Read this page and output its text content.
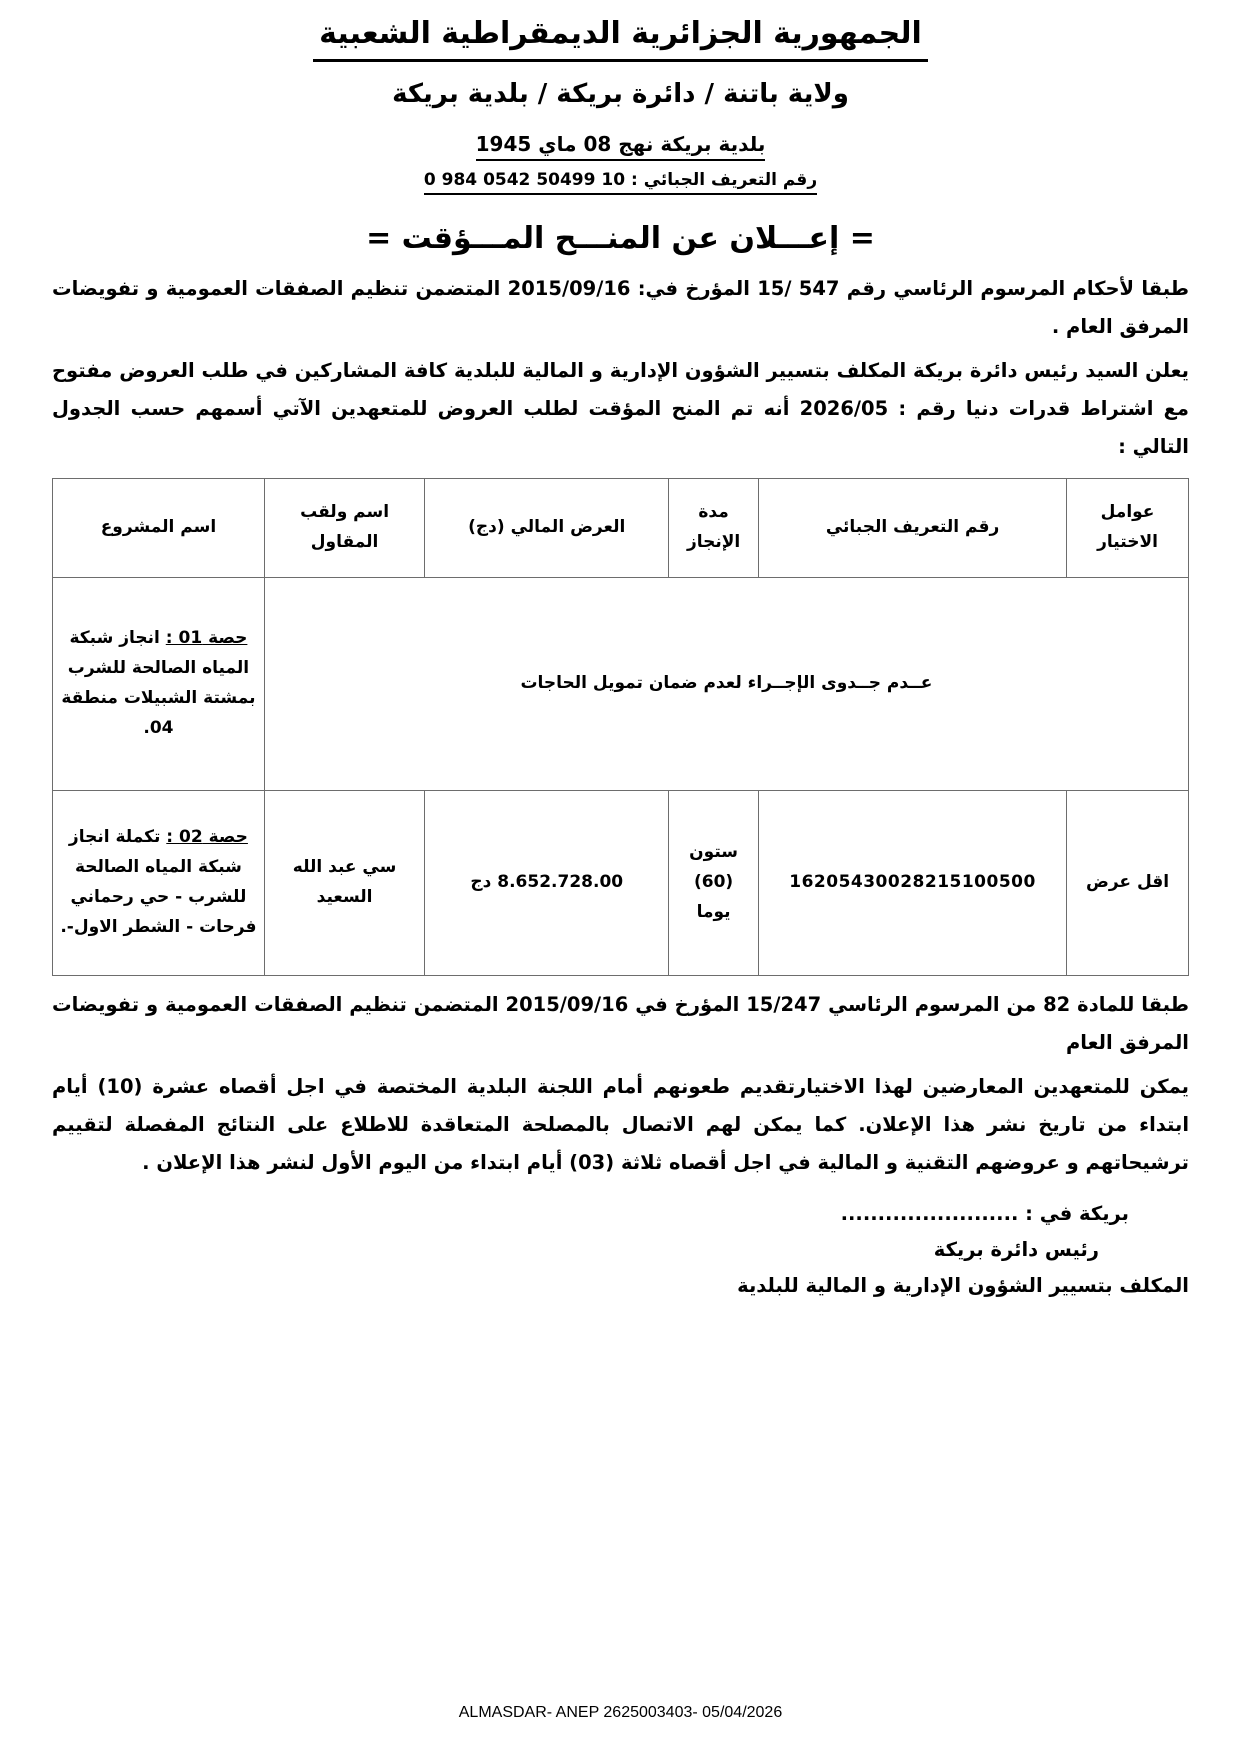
الجمهورية الجزائرية الديمقراطية الشعبية
ولاية باتنة / دائرة بريكة / بلدية بريكة
بلدية بريكة نهج 08 ماي 1945
رقم التعريف الجبائي : 10 50499 0542 984 0
= إعـــلان عن المنـــح المـــؤقت =

طبقا لأحكام المرسوم الرئاسي رقم 547 /15 المؤرخ في: 2015/09/16 المتضمن تنظيم الصفقات العمومية و تفويضات المرفق العام .

يعلن السيد رئيس دائرة بريكة المكلف بتسيير الشؤون الإدارية و المالية للبلدية كافة المشاركين في طلب العروض مفتوح مع اشتراط قدرات دنيا رقم : 2026/05 أنه تم المنح المؤقت لطلب العروض للمتعهدين الآتي أسمهم حسب الجدول التالي :

عوامل الاختيار	رقم التعريف الجبائي	مدة الإنجاز	العرض المالي (دج)	اسم ولقب المقاول	اسم المشروع
عــدم جــدوى الإجــراء لعدم ضمان تمويل الحاجات					حصة 01 : انجاز شبكة المياه الصالحة للشرب بمشتة الشبيلات منطقة 04.
اقل عرض	16205430028215100500	ستون (60) يوما	8.652.728.00 دج	سي عبد الله السعيد	حصة 02 : تكملة انجاز شبكة المياه الصالحة للشرب - حي رحماني فرحات - الشطر الاول-.

طبقا للمادة 82 من المرسوم الرئاسي 15/247 المؤرخ في 2015/09/16 المتضمن تنظيم الصفقات العمومية و تفويضات المرفق العام

يمكن للمتعهدين المعارضين لهذا الاختيارتقديم طعونهم أمام اللجنة البلدية المختصة في اجل أقصاه عشرة (10) أيام ابتداء من تاريخ نشر هذا الإعلان. كما يمكن لهم الاتصال بالمصلحة المتعاقدة للاطلاع على النتائج المفصلة لتقييم ترشيحاتهم و عروضهم التقنية و المالية في اجل أقصاه ثلاثة (03) أيام ابتداء من اليوم الأول لنشر هذا الإعلان .

بريكة في : ........................
رئيس دائرة بريكة
المكلف بتسيير الشؤون الإدارية و المالية للبلدية
ALMASDAR- ANEP 2625003403- 05/04/2026
